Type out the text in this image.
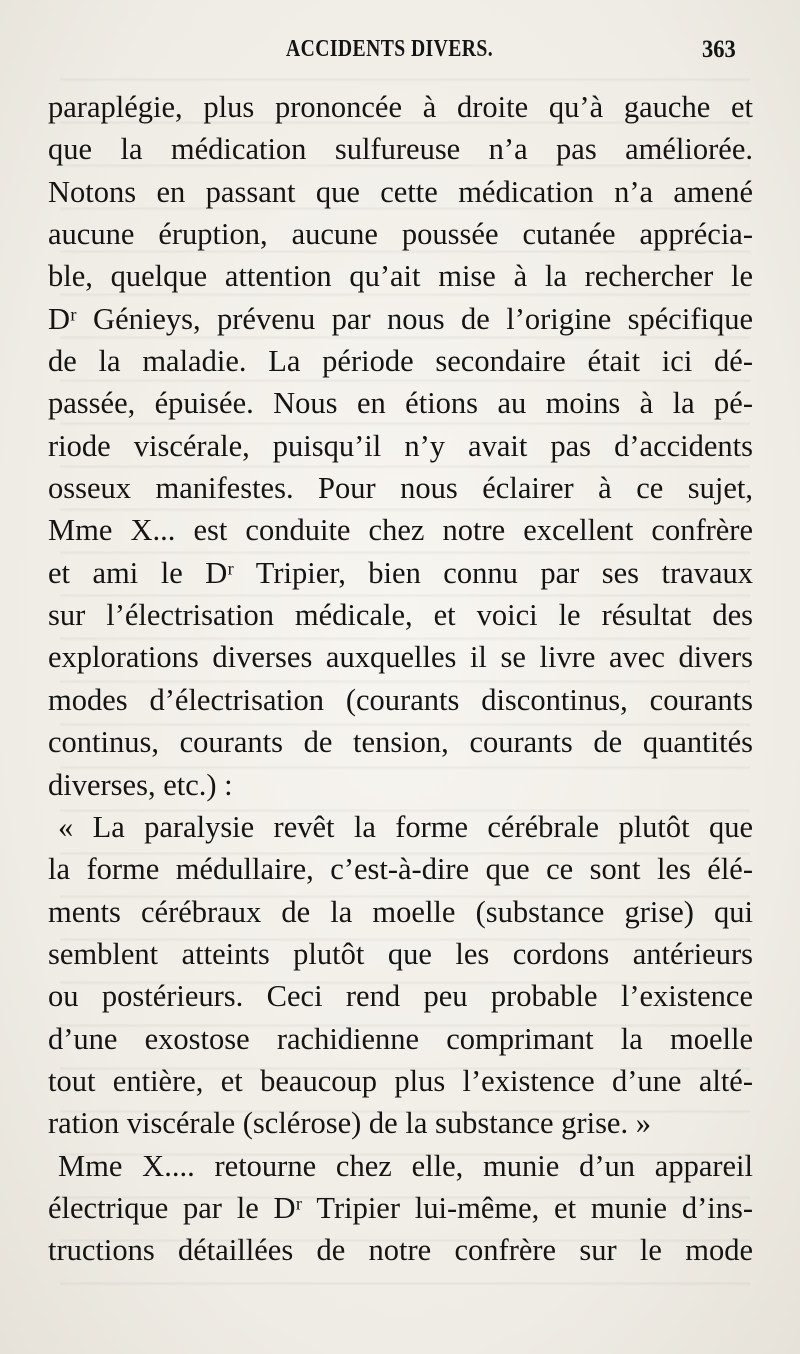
ACCIDENTS DIVERS.	363
paraplégie, plus prononcée à droite qu’à gauche et
que la médication sulfureuse n’a pas améliorée.
Notons en passant que cette médication n’a amené
aucune éruption, aucune poussée cutanée apprécia-
ble, quelque attention qu’ait mise à la rechercher le
Dʳ Génieys, prévenu par nous de l’origine spécifique
de la maladie. La période secondaire était ici dé-
passée, épuisée. Nous en étions au moins à la pé-
riode viscérale, puisqu’il n’y avait pas d’accidents
osseux manifestes. Pour nous éclairer à ce sujet,
Mme X... est conduite chez notre excellent confrère
et ami le Dʳ Tripier, bien connu par ses travaux
sur l’électrisation médicale, et voici le résultat des
explorations diverses auxquelles il se livre avec divers
modes d’électrisation (courants discontinus, courants
continus, courants de tension, courants de quantités
diverses, etc.) :
« La paralysie revêt la forme cérébrale plutôt que
la forme médullaire, c’est-à-dire que ce sont les élé-
ments cérébraux de la moelle (substance grise) qui
semblent atteints plutôt que les cordons antérieurs
ou postérieurs. Ceci rend peu probable l’existence
d’une exostose rachidienne comprimant la moelle
tout entière, et beaucoup plus l’existence d’une alté-
ration viscérale (sclérose) de la substance grise. »
Mme X.... retourne chez elle, munie d’un appareil
électrique par le Dʳ Tripier lui-même, et munie d’ins-
tructions détaillées de notre confrère sur le mode
